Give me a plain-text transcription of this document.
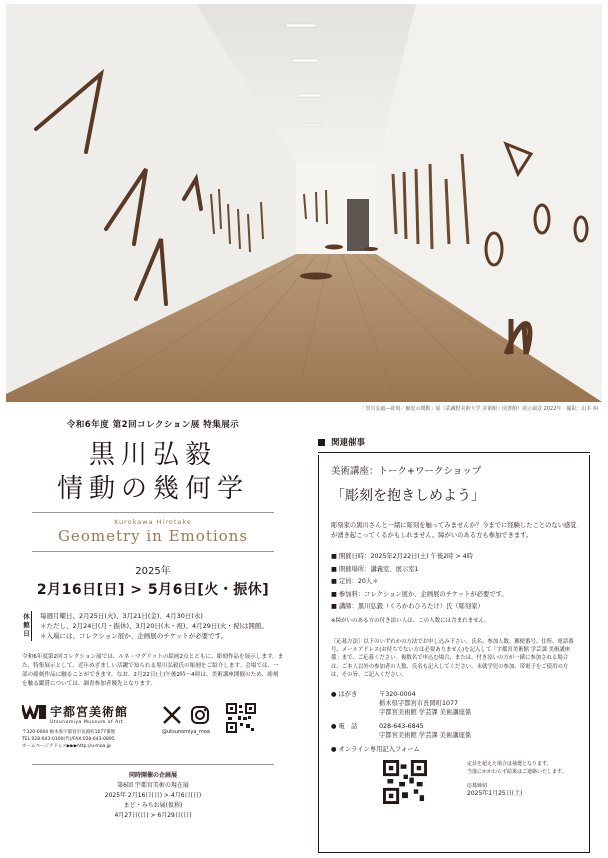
「黒川弘毅―彫刻／触覚の環動」展（武蔵野美術大学 美術館・図書館）展示風景 2022年　撮影：山本 糾
令和6年度 第2回コレクション展 特集展示
黒川弘毅
情動の幾何学
Kurokawa Hirotake
Geometry in Emotions
2025年
2月16日[日] > 5月6日[火・振休]
休館日	毎週月曜日、2月25日(火)、3月21日(金)、4月30日(水)
＊ただし、2月24日(月・振休)、3月20日(木・祝)、4月29日(火・祝)は開館。
＊入場には、コレクション展か、企画展のチケットが必要です。
令和6年度第2回コレクション展では、ルネ・マグリットの絵画2点とともに、彫刻作品を展示します。また、特集展示として、近年めざましい活躍で知られる黒川弘毅氏の彫刻をご紹介します。会場では、一部の彫刻作品に触ることができます。なお、2月22日(土)午後2時〜4時は、美術講座開催のため、彫刻を触る鑑賞については、調査参加者優先となります。
宇都宮美術館
Utsunomiya Museum of Art
〒320-0004 栃木県宇都宮市長岡町1077番地
TEL.028-643-0100(代)/FAX.028-643-0895
ホームページアドレス▶▶▶http://u-moa.jp
@utsunomiya_moa
同時開催の企画展
第6回 宇都宮美術の現在展
2025年 2月16日(日) > 4月6日(日)
まど・みちお展(仮称)
4月27日(日) > 6月29日(日)
関連催事
美術講座：トーク+ワークショップ
「彫刻を抱きしめよう」
彫刻家の黒川さんと一緒に彫刻を触ってみませんか？今までに経験したことのない感覚が湧き起こってくるかもしれません。障がいのある方も参加できます。
■ 開催日時：2025年2月22日(土) 午後2時 > 4時
■ 開催場所：講義室、展示室1
■ 定員：20人＊
■ 参加料：コレクション展か、企画展のチケットが必要です。
■ 講師：黒川弘毅（くろかわひろたけ）氏（彫刻家）
※障がいのある方の付き添い人は、この人数には含まれません。
［応募方法］以下のいずれかの方法でお申し込み下さい。氏名、参加人数、郵便番号、住所、電話番号、メールアドレス(お持ちでない方は必要ありません)を記入して「宇都宮美術館 学芸課 美術講座係」まで、ご応募ください。複数名で申込む場合、または、付き添いの方が一緒に参加される場合は、ご本人以外の参加者の人数、氏名も記入してください。未就学児の参加、帯電子をご使用の方は、その旨、ご記入ください。
● はがき	〒320-0004
栃木県宇都宮市長岡町1077
宇都宮美術館 学芸課 美術講座係
● 電　話	028-643-6845
宇都宮美術館 学芸課 美術講座係
● オンライン専用記入フォーム
定員を超えた場合は抽選となります。
当落にかかわらず結果はご連絡いたします。
応募締切
2025年1月25日(土)
